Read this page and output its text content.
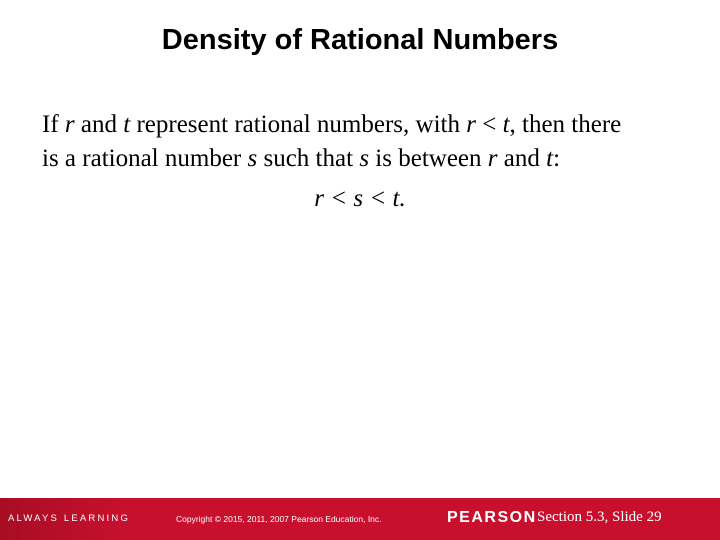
Density of Rational Numbers
If r and t represent rational numbers, with r < t, then there
is a rational number s such that s is between r and t:
r < s < t.
ALWAYS LEARNING	Copyright © 2015, 2011, 2007 Pearson Education, Inc.	PEARSON Section 5.3, Slide 29
